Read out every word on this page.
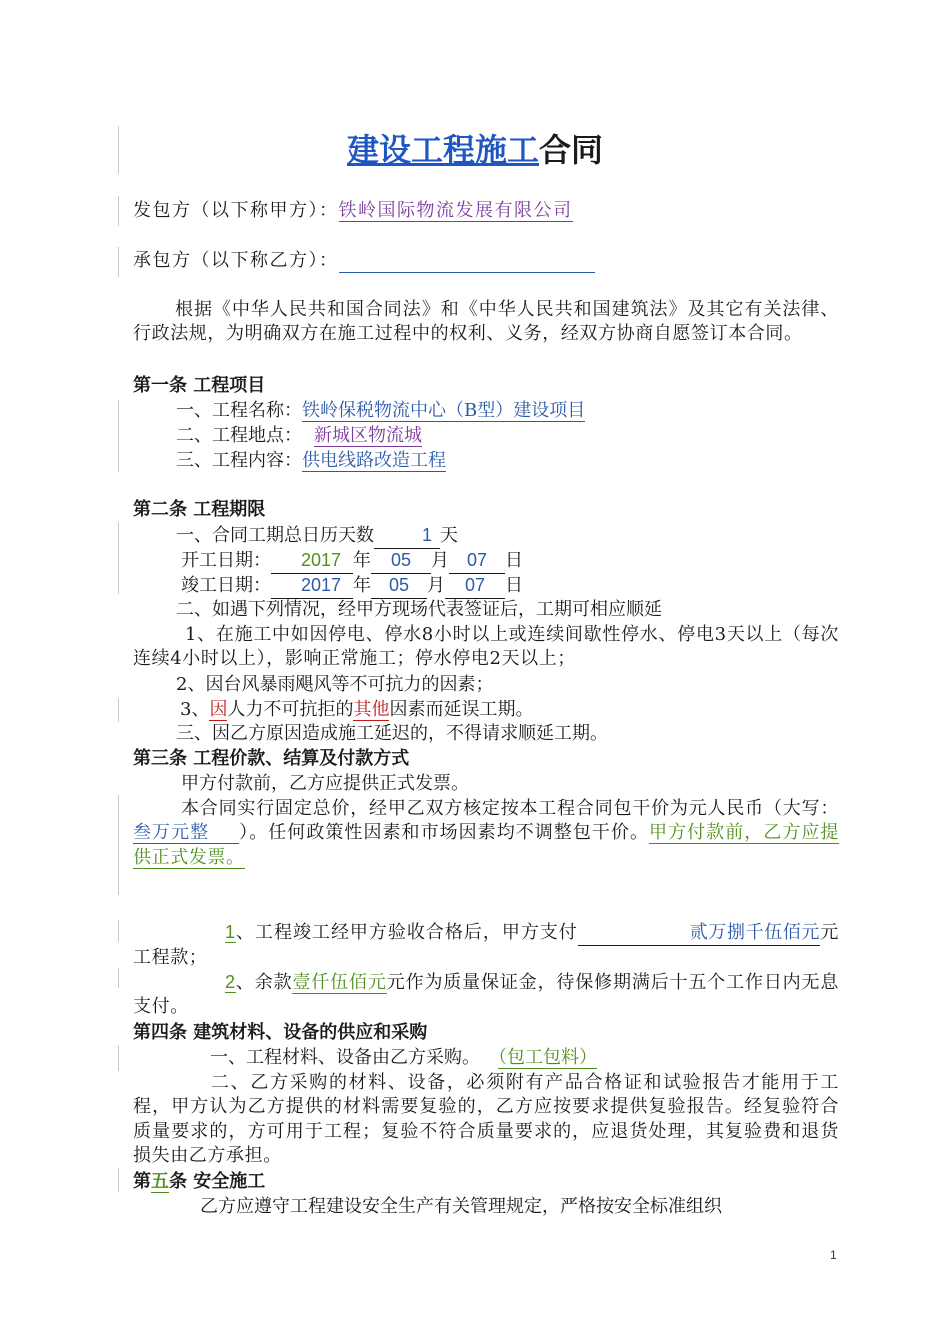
建设工程施工合同
发包方（以下称甲方）：铁岭国际物流发展有限公司
承包方（以下称乙方）：
根据《中华人民共和国合同法》和《中华人民共和国建筑法》及其它有关法律、行政法规，为明确双方在施工过程中的权利、义务，经双方协商自愿签订本合同。
第一条 工程项目
一、工程名称：铁岭保税物流中心（B型）建设项目
二、工程地点： 新城区物流城
三、工程内容：供电线路改造工程
第二条 工程期限
一、合同工期总日历天数	1 天
开工日期： 2017 年 05 月 07 日
竣工日期： 2017 年 05 月 07 日
二、如遇下列情况，经甲方现场代表签证后，工期可相应顺延
1、在施工中如因停电、停水8小时以上或连续间歇性停水、停电3天以上（每次连续4小时以上），影响正常施工；停水停电2天以上；
2、因台风暴雨飓风等不可抗力的因素；
3、因人力不可抗拒的其他因素而延误工期。
三、因乙方原因造成施工延迟的，不得请求顺延工期。
第三条 工程价款、结算及付款方式
甲方付款前，乙方应提供正式发票。
本合同实行固定总价，经甲乙双方核定按本工程合同包干价为元人民币（大写：叁万元整 ）。任何政策性因素和市场因素均不调整包干价。甲方付款前，乙方应提供正式发票。
1、工程竣工经甲方验收合格后，甲方支付	贰万捌千伍佰元元工程款；
2、余款壹仟伍佰元元作为质量保证金，待保修期满后十五个工作日内无息支付。
第四条 建筑材料、设备的供应和采购
一、工程材料、设备由乙方采购。 （包工包料）
二、乙方采购的材料、设备，必须附有产品合格证和试验报告才能用于工程，甲方认为乙方提供的材料需要复验的，乙方应按要求提供复验报告。经复验符合质量要求的，方可用于工程；复验不符合质量要求的，应退货处理，其复验费和退货损失由乙方承担。
第五条 安全施工
乙方应遵守工程建设安全生产有关管理规定，严格按安全标准组织
1
